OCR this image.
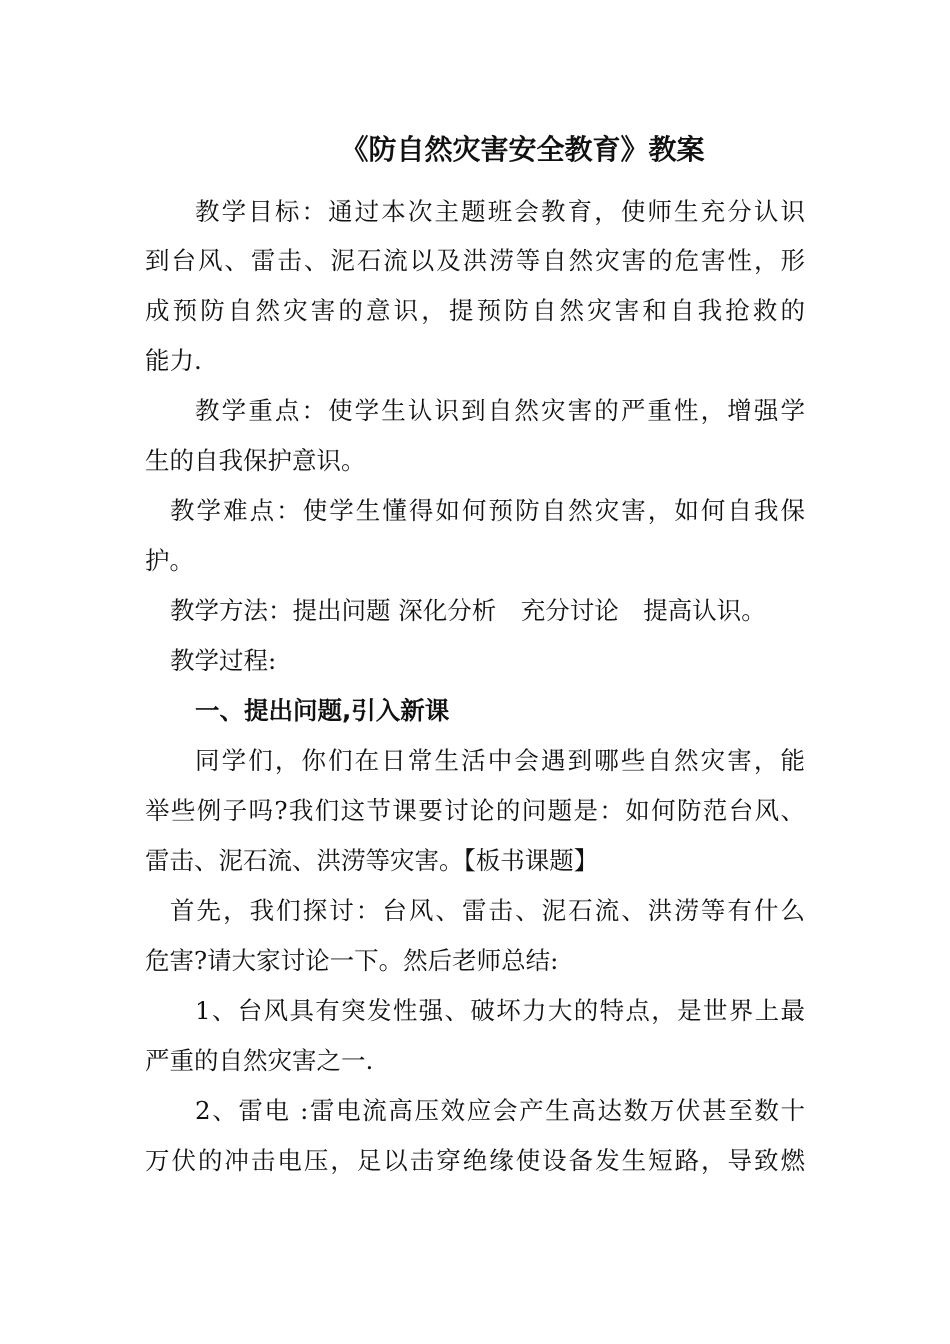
《防自然灾害安全教育》教案
教学目标：通过本次主题班会教育，使师生充分认识
到台风、雷击、泥石流以及洪涝等自然灾害的危害性，形
成预防自然灾害的意识，提预防自然灾害和自我抢救的
能力.
教学重点：使学生认识到自然灾害的严重性，增强学
生的自我保护意识。
教学难点：使学生懂得如何预防自然灾害，如何自我保
护。
教学方法：提出问题 深化分析　充分讨论　提高认识。
教学过程:
一、提出问题,引入新课
同学们，你们在日常生活中会遇到哪些自然灾害，能
举些例子吗?我们这节课要讨论的问题是：如何防范台风、
雷击、泥石流、洪涝等灾害。【板书课题】
首先，我们探讨：台风、雷击、泥石流、洪涝等有什么
危害?请大家讨论一下。然后老师总结:
1、台风具有突发性强、破坏力大的特点，是世界上最
严重的自然灾害之一.
2、雷电 :雷电流高压效应会产生高达数万伏甚至数十
万伏的冲击电压，足以击穿绝缘使设备发生短路，导致燃
